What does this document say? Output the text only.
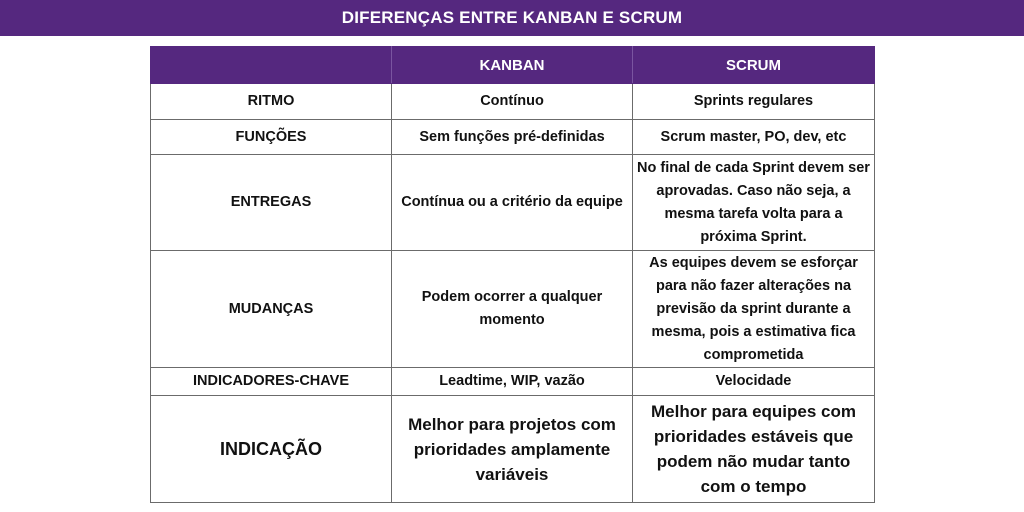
DIFERENÇAS ENTRE KANBAN E SCRUM
	KANBAN	SCRUM
RITMO	Contínuo	Sprints regulares
FUNÇÕES	Sem funções pré-definidas	Scrum master, PO, dev, etc
ENTREGAS	Contínua ou a critério da equipe	No final de cada Sprint devem ser aprovadas. Caso não seja, a mesma tarefa volta para a próxima Sprint.
MUDANÇAS	Podem ocorrer a qualquer momento	As equipes devem se esforçar para não fazer alterações na previsão da sprint durante a mesma, pois a estimativa fica comprometida
INDICADORES-CHAVE	Leadtime, WIP, vazão	Velocidade
INDICAÇÃO	Melhor para projetos com prioridades amplamente variáveis	Melhor para equipes com prioridades estáveis que podem não mudar tanto com o tempo
